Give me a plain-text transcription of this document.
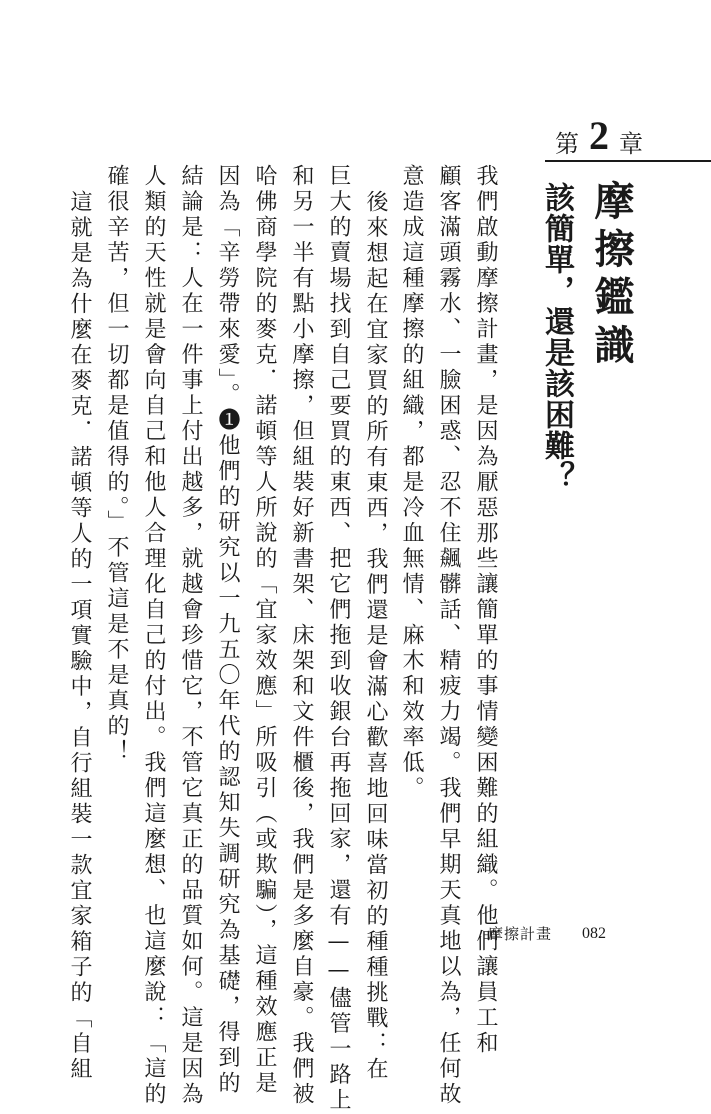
第 2 章
摩擦鑑識
該簡單，還是該困難？

我們啟動摩擦計畫，是因為厭惡那些讓簡單的事情變困難的組織。他們讓員工和

顧客滿頭霧水、一臉困惑、忍不住飆髒話、精疲力竭。我們早期天真地以為，任何故

意造成這種摩擦的組織，都是冷血無情、麻木和效率低。

後來想起在宜家買的所有東西，我們還是會滿心歡喜地回味當初的種種挑戰：在

巨大的賣場找到自己要買的東西、把它們拖到收銀台再拖回家，還有——儘管一路上

和另一半有點小摩擦，但組裝好新書架、床架和文件櫃後，我們是多麼自豪。我們被

哈佛商學院的麥克．諾頓等人所說的「宜家效應」所吸引（或欺騙），這種效應正是

因為「辛勞帶來愛」。❶他們的研究以一九五〇年代的認知失調研究為基礎，得到的

結論是：人在一件事上付出越多，就越會珍惜它，不管它真正的品質如何。這是因為

人類的天性就是會向自己和他人合理化自己的付出。我們這麼想、也這麼說：「這的

確很辛苦，但一切都是值得的。」不管這是不是真的！

這就是為什麼在麥克．諾頓等人的一項實驗中，自行組裝一款宜家箱子的「自組	摩擦計畫 082
